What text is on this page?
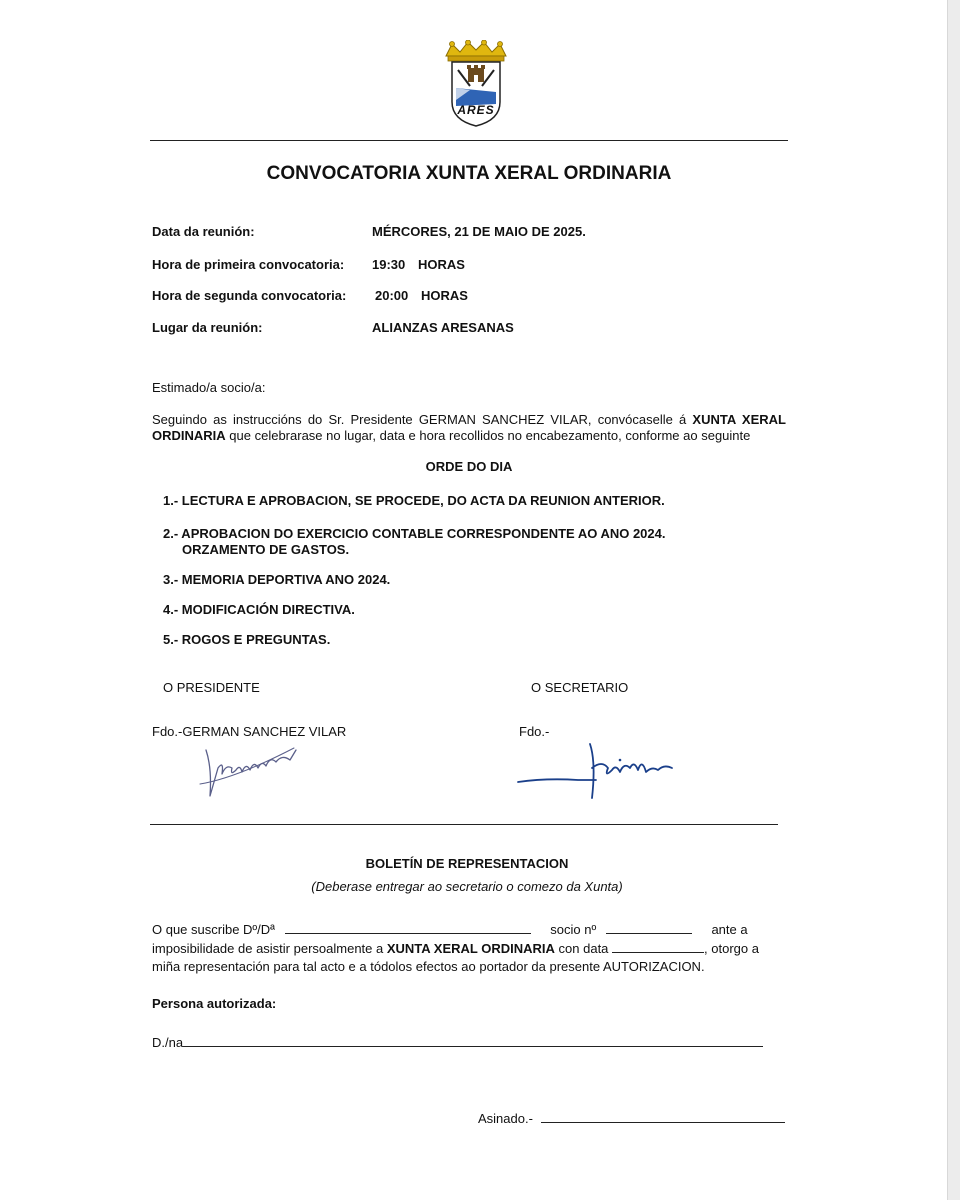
ARES
CONVOCATORIA XUNTA XERAL ORDINARIA
Data da reunión:	MÉRCORES, 21 DE MAIO DE 2025.
Hora de primeira convocatoria: 19:30 HORAS
Hora de segunda convocatoria: 20:00 HORAS
Lugar da reunión:	ALIANZAS ARESANAS
Estimado/a socio/a:
Seguindo as instruccións do Sr. Presidente GERMAN SANCHEZ VILAR, convócaselle á XUNTA XERAL
ORDINARIA que celebrarase no lugar, data e hora recollidos no encabezamento, conforme ao seguinte
ORDE DO DIA
1.- LECTURA E APROBACION, SE PROCEDE, DO ACTA DA REUNION ANTERIOR.
2.- APROBACION DO EXERCICIO CONTABLE CORRESPONDENTE AO ANO 2024.
ORZAMENTO DE GASTOS.
3.- MEMORIA DEPORTIVA ANO 2024.
4.- MODIFICACIÓN DIRECTIVA.
5.- ROGOS E PREGUNTAS.
O PRESIDENTE	O SECRETARIO
Fdo.-GERMAN SANCHEZ VILAR	Fdo.-
BOLETÍN DE REPRESENTACION
(Deberase entregar ao secretario o comezo da Xunta)
O que suscribe Dº/Dª	socio nº	ante a
imposibilidade de asistir persoalmente a XUNTA XERAL ORDINARIA con data	, otorgo a
miña representación para tal acto e a tódolos efectos ao portador da presente AUTORIZACION.
Persona autorizada:
D./na
Asinado.-
